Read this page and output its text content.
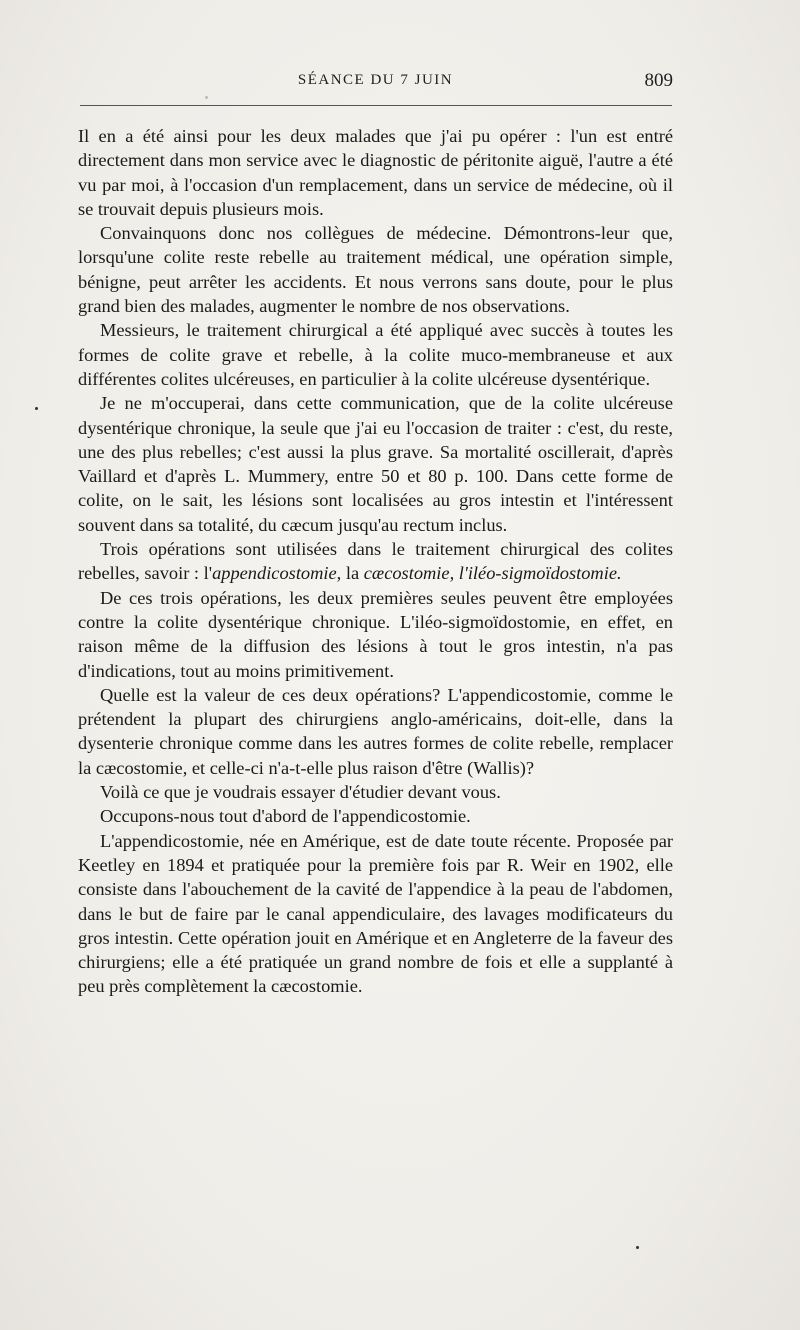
SÉANCE DU 7 JUIN	809

Il en a été ainsi pour les deux malades que j'ai pu opérer : l'un est entré directement dans mon service avec le diagnostic de péritonite aiguë, l'autre a été vu par moi, à l'occasion d'un remplacement, dans un service de médecine, où il se trouvait depuis plusieurs mois.

Convainquons donc nos collègues de médecine. Démontrons-leur que, lorsqu'une colite reste rebelle au traitement médical, une opération simple, bénigne, peut arrêter les accidents. Et nous verrons sans doute, pour le plus grand bien des malades, augmenter le nombre de nos observations.

Messieurs, le traitement chirurgical a été appliqué avec succès à toutes les formes de colite grave et rebelle, à la colite muco-membraneuse et aux différentes colites ulcéreuses, en particulier à la colite ulcéreuse dysentérique.

Je ne m'occuperai, dans cette communication, que de la colite ulcéreuse dysentérique chronique, la seule que j'ai eu l'occasion de traiter : c'est, du reste, une des plus rebelles; c'est aussi la plus grave. Sa mortalité oscillerait, d'après Vaillard et d'après L. Mummery, entre 50 et 80 p. 100. Dans cette forme de colite, on le sait, les lésions sont localisées au gros intestin et l'intéressent souvent dans sa totalité, du cæcum jusqu'au rectum inclus.

Trois opérations sont utilisées dans le traitement chirurgical des colites rebelles, savoir : l'appendicostomie, la cæcostomie, l'iléo-sigmoïdostomie.

De ces trois opérations, les deux premières seules peuvent être employées contre la colite dysentérique chronique. L'iléo-sigmoïdostomie, en effet, en raison même de la diffusion des lésions à tout le gros intestin, n'a pas d'indications, tout au moins primitivement.

Quelle est la valeur de ces deux opérations? L'appendicostomie, comme le prétendent la plupart des chirurgiens anglo-américains, doit-elle, dans la dysenterie chronique comme dans les autres formes de colite rebelle, remplacer la cæcostomie, et celle-ci n'a-t-elle plus raison d'être (Wallis)?

Voilà ce que je voudrais essayer d'étudier devant vous.

Occupons-nous tout d'abord de l'appendicostomie.

L'appendicostomie, née en Amérique, est de date toute récente. Proposée par Keetley en 1894 et pratiquée pour la première fois par R. Weir en 1902, elle consiste dans l'abouchement de la cavité de l'appendice à la peau de l'abdomen, dans le but de faire par le canal appendiculaire, des lavages modificateurs du gros intestin. Cette opération jouit en Amérique et en Angleterre de la faveur des chirurgiens; elle a été pratiquée un grand nombre de fois et elle a supplanté à peu près complètement la cæcostomie.
